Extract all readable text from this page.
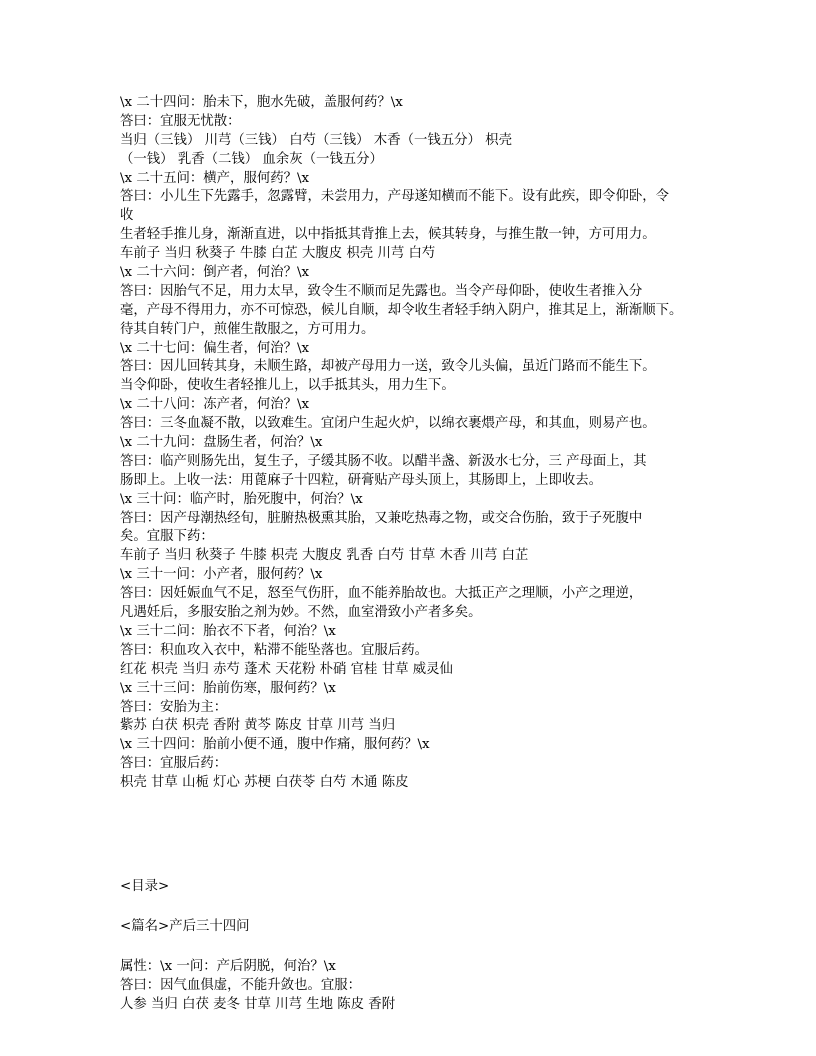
\x 二十四问：胎未下，胞水先破，盖服何药？\x
答曰：宜服无忧散：
当归（三钱） 川芎（三钱） 白芍（三钱） 木香（一钱五分） 枳壳
（一钱） 乳香（二钱） 血余灰（一钱五分）
\x 二十五问：横产，服何药？\x
答曰：小儿生下先露手，忽露臂，未尝用力，产母遂知横而不能下。设有此疾，即令仰卧，令
收
生者轻手推儿身，渐渐直进，以中指抵其背推上去，候其转身，与推生散一钟，方可用力。
车前子 当归 秋葵子 牛膝 白芷 大腹皮 枳壳 川芎 白芍
\x 二十六问：倒产者，何治？\x
答曰：因胎气不足，用力太早，致令生不顺而足先露也。当令产母仰卧，使收生者推入分
毫，产母不得用力，亦不可惊恐，候儿自顺，却令收生者轻手纳入阴户，推其足上，渐渐顺下。
待其自转门户，煎催生散服之，方可用力。
\x 二十七问：偏生者，何治？\x
答曰：因儿回转其身，未顺生路，却被产母用力一送，致令儿头偏，虽近门路而不能生下。
当令仰卧，使收生者轻推儿上，以手抵其头，用力生下。
\x 二十八问：冻产者，何治？\x
答曰：三冬血凝不散，以致难生。宜闭户生起火炉，以绵衣裹煨产母，和其血，则易产也。
\x 二十九问：盘肠生者，何治？\x
答曰：临产则肠先出，复生子，子缓其肠不收。以醋半盏、新汲水七分，三 产母面上，其
肠即上。上收一法：用蓖麻子十四粒，研膏贴产母头顶上，其肠即上，上即收去。
\x 三十问：临产时，胎死腹中，何治？\x
答曰：因产母潮热经旬，脏腑热极熏其胎，又兼吃热毒之物，或交合伤胎，致于子死腹中
矣。宜服下药：
车前子 当归 秋葵子 牛膝 枳壳 大腹皮 乳香 白芍 甘草 木香 川芎 白芷
\x 三十一问：小产者，服何药？\x
答曰：因妊娠血气不足，怒至气伤肝，血不能养胎故也。大抵正产之理顺，小产之理逆，
凡遇妊后，多服安胎之剂为妙。不然，血室滑致小产者多矣。
\x 三十二问：胎衣不下者，何治？\x
答曰：积血攻入衣中，粘滞不能坠落也。宜服后药。
红花 枳壳 当归 赤芍 蓬术 天花粉 朴硝 官桂 甘草 威灵仙
\x 三十三问：胎前伤寒，服何药？\x
答曰：安胎为主：
紫苏 白茯 枳壳 香附 黄芩 陈皮 甘草 川芎 当归
\x 三十四问：胎前小便不通，腹中作痛，服何药？\x
答曰：宜服后药：
枳壳 甘草 山栀 灯心 苏梗 白茯苓 白芍 木通 陈皮
<目录>
<篇名>产后三十四问
属性：\x 一问：产后阴脱，何治？\x
答曰：因气血俱虚，不能升敛也。宜服：
人参 当归 白茯 麦冬 甘草 川芎 生地 陈皮 香附
